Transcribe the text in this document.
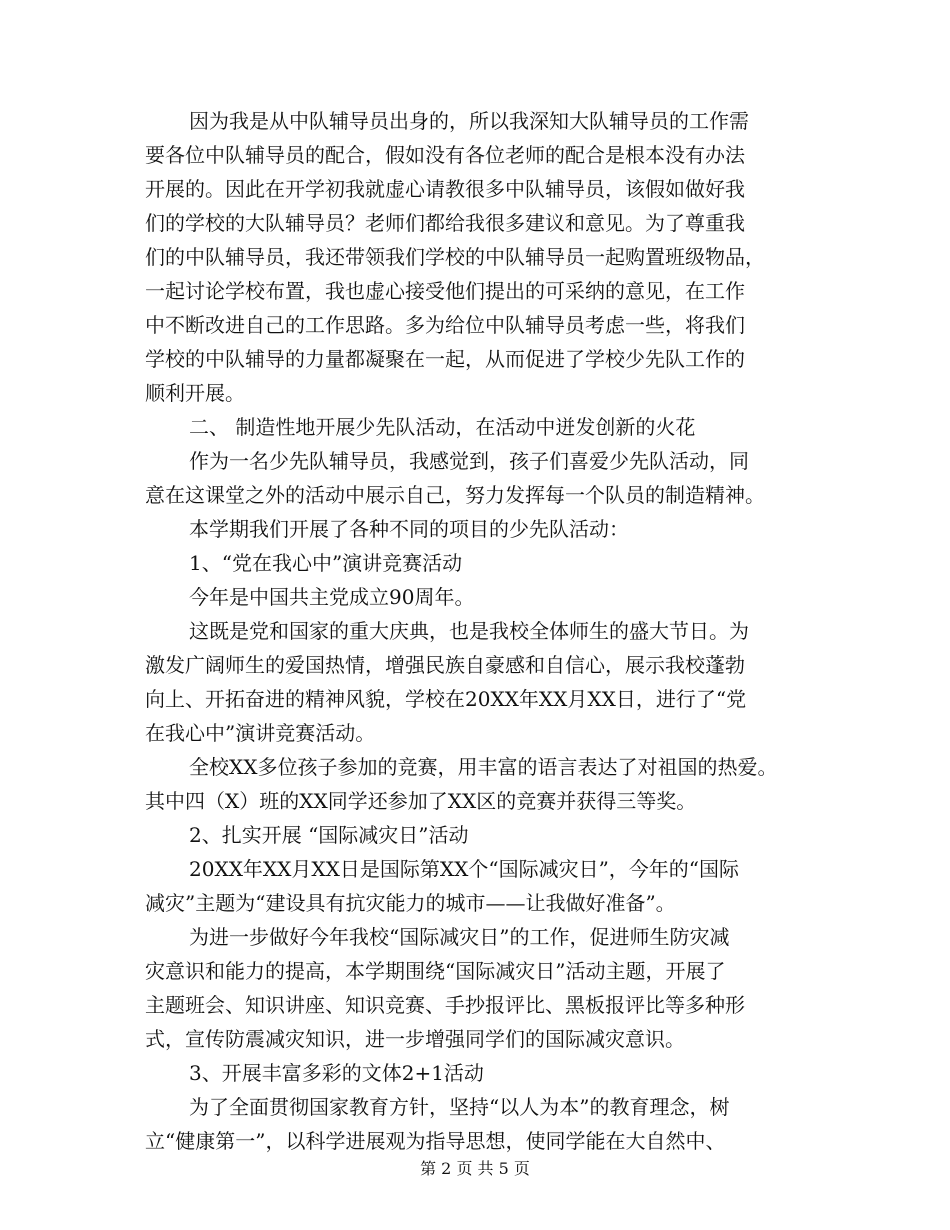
因为我是从中队辅导员出身的，所以我深知大队辅导员的工作需
要各位中队辅导员的配合，假如没有各位老师的配合是根本没有办法
开展的。因此在开学初我就虚心请教很多中队辅导员，该假如做好我
们的学校的大队辅导员？老师们都给我很多建议和意见。为了尊重我
们的中队辅导员，我还带领我们学校的中队辅导员一起购置班级物品，
一起讨论学校布置，我也虚心接受他们提出的可采纳的意见，在工作
中不断改进自己的工作思路。多为给位中队辅导员考虑一些，将我们
学校的中队辅导的力量都凝聚在一起，从而促进了学校少先队工作的
顺利开展。
二、 制造性地开展少先队活动，在活动中迸发创新的火花
作为一名少先队辅导员，我感觉到，孩子们喜爱少先队活动，同
意在这课堂之外的活动中展示自己，努力发挥每一个队员的制造精神。
本学期我们开展了各种不同的项目的少先队活动：
1、“党在我心中”演讲竞赛活动
今年是中国共主党成立90周年。
这既是党和国家的重大庆典，也是我校全体师生的盛大节日。为
激发广阔师生的爱国热情，增强民族自豪感和自信心，展示我校蓬勃
向上、开拓奋进的精神风貌，学校在20XX年XX月XX日，进行了“党
在我心中”演讲竞赛活动。
全校XX多位孩子参加的竞赛，用丰富的语言表达了对祖国的热爱。
其中四（X）班的XX同学还参加了XX区的竞赛并获得三等奖。
2、扎实开展 “国际减灾日”活动
20XX年XX月XX日是国际第XX个“国际减灾日”，今年的“国际
减灾”主题为“建设具有抗灾能力的城市——让我做好准备”。
为进一步做好今年我校“国际减灾日”的工作，促进师生防灾减
灾意识和能力的提高，本学期围绕“国际减灾日”活动主题，开展了
主题班会、知识讲座、知识竞赛、手抄报评比、黑板报评比等多种形
式，宣传防震减灾知识，进一步增强同学们的国际减灾意识。
3、开展丰富多彩的文体2+1活动
为了全面贯彻国家教育方针，坚持“以人为本”的教育理念，树
立“健康第一”，以科学进展观为指导思想，使同学能在大自然中、
第 2 页 共 5 页
